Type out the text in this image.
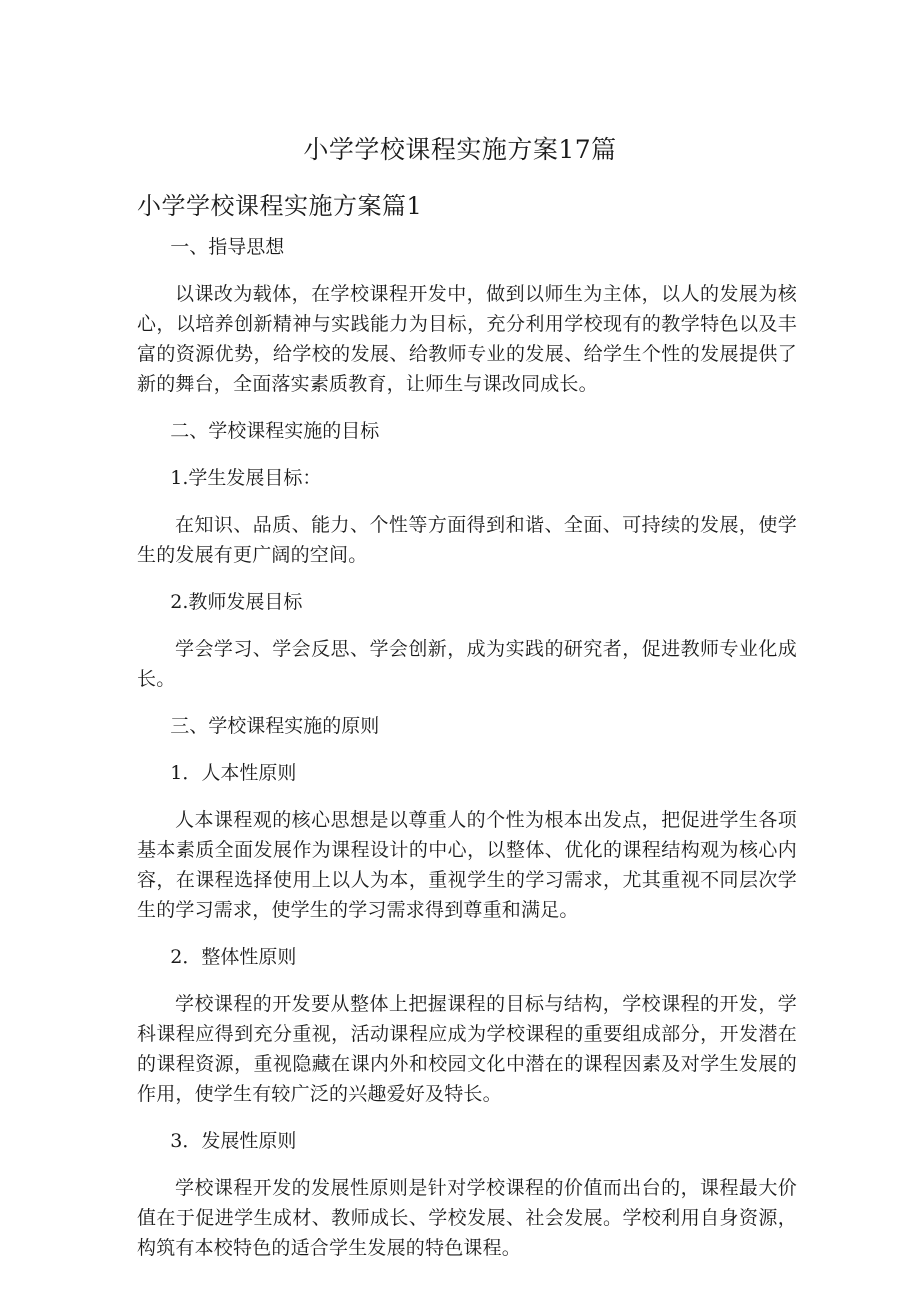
小学学校课程实施方案17篇
小学学校课程实施方案篇1

一、指导思想

以课改为载体，在学校课程开发中，做到以师生为主体，以人的发展为核心，以培养创新精神与实践能力为目标，充分利用学校现有的教学特色以及丰富的资源优势，给学校的发展、给教师专业的发展、给学生个性的发展提供了新的舞台，全面落实素质教育，让师生与课改同成长。

二、学校课程实施的目标

1.学生发展目标：

在知识、品质、能力、个性等方面得到和谐、全面、可持续的发展，使学生的发展有更广阔的空间。

2.教师发展目标

学会学习、学会反思、学会创新，成为实践的研究者，促进教师专业化成长。

三、学校课程实施的原则

1．人本性原则

人本课程观的核心思想是以尊重人的个性为根本出发点，把促进学生各项基本素质全面发展作为课程设计的中心，以整体、优化的课程结构观为核心内容，在课程选择使用上以人为本，重视学生的学习需求，尤其重视不同层次学生的学习需求，使学生的学习需求得到尊重和满足。

2．整体性原则

学校课程的开发要从整体上把握课程的目标与结构，学校课程的开发，学科课程应得到充分重视，活动课程应成为学校课程的重要组成部分，开发潜在的课程资源，重视隐藏在课内外和校园文化中潜在的课程因素及对学生发展的作用，使学生有较广泛的兴趣爱好及特长。

3．发展性原则

学校课程开发的发展性原则是针对学校课程的价值而出台的，课程最大价值在于促进学生成材、教师成长、学校发展、社会发展。学校利用自身资源，构筑有本校特色的适合学生发展的特色课程。
